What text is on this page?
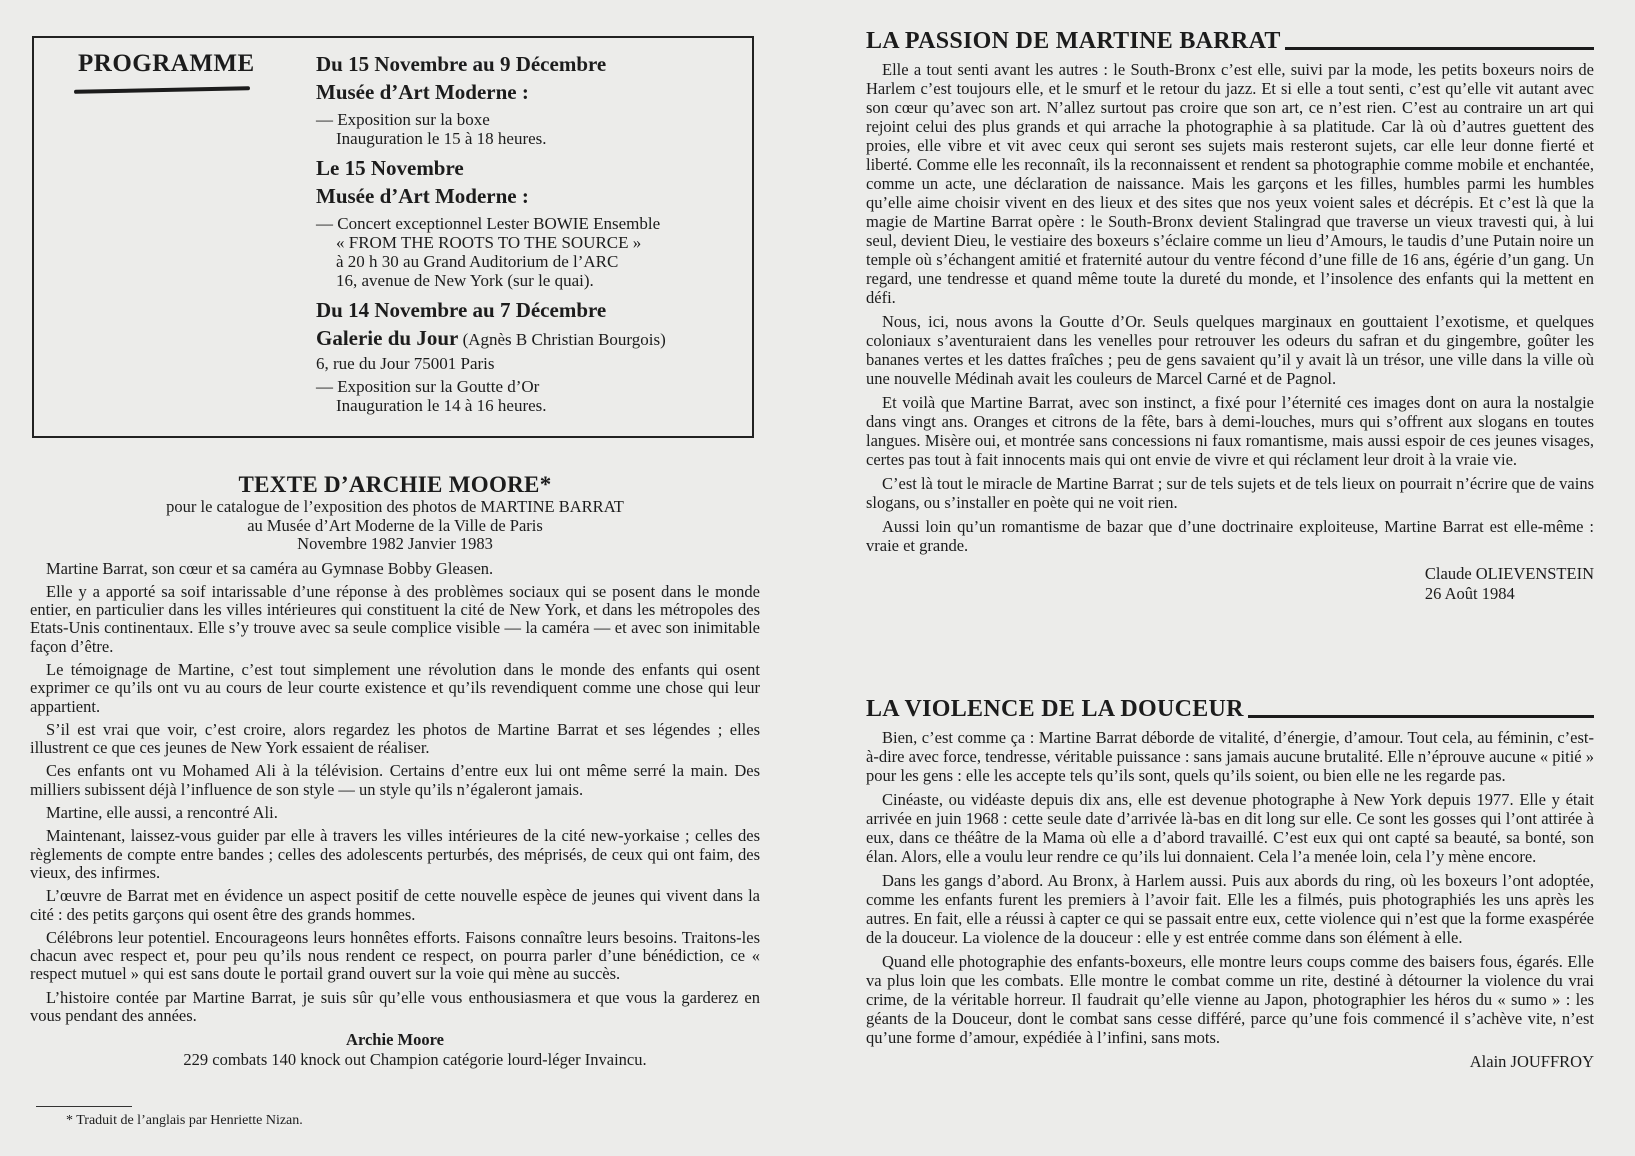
PROGRAMME	Du 15 Novembre au 9 Décembre
Musée d’Art Moderne :
— Exposition sur la boxe
Inauguration le 15 à 18 heures.
Le 15 Novembre
Musée d’Art Moderne :
— Concert exceptionnel Lester BOWIE Ensemble
« FROM THE ROOTS TO THE SOURCE »
à 20 h 30 au Grand Auditorium de l’ARC
16, avenue de New York (sur le quai).
Du 14 Novembre au 7 Décembre
Galerie du Jour (Agnès B Christian Bourgois)
6, rue du Jour 75001 Paris
— Exposition sur la Goutte d’Or
Inauguration le 14 à 16 heures.
TEXTE D’ARCHIE MOORE*
pour le catalogue de l’exposition des photos de MARTINE BARRAT
au Musée d’Art Moderne de la Ville de Paris
Novembre 1982 Janvier 1983

Martine Barrat, son cœur et sa caméra au Gymnase Bobby Gleasen.

Elle y a apporté sa soif intarissable d’une réponse à des problèmes sociaux qui se posent dans le monde entier, en particulier dans les villes intérieures qui constituent la cité de New York, et dans les métropoles des Etats-Unis continentaux. Elle s’y trouve avec sa seule complice visible — la caméra — et avec son inimitable façon d’être.

Le témoignage de Martine, c’est tout simplement une révolution dans le monde des enfants qui osent exprimer ce qu’ils ont vu au cours de leur courte existence et qu’ils revendiquent comme une chose qui leur appartient.

S’il est vrai que voir, c’est croire, alors regardez les photos de Martine Barrat et ses légendes ; elles illustrent ce que ces jeunes de New York essaient de réaliser.

Ces enfants ont vu Mohamed Ali à la télévision. Certains d’entre eux lui ont même serré la main. Des milliers subissent déjà l’influence de son style — un style qu’ils n’égaleront jamais.

Martine, elle aussi, a rencontré Ali.

Maintenant, laissez-vous guider par elle à travers les villes intérieures de la cité new-yorkaise ; celles des règlements de compte entre bandes ; celles des adolescents perturbés, des méprisés, de ceux qui ont faim, des vieux, des infirmes.

L’œuvre de Barrat met en évidence un aspect positif de cette nouvelle espèce de jeunes qui vivent dans la cité : des petits garçons qui osent être des grands hommes.

Célébrons leur potentiel. Encourageons leurs honnêtes efforts. Faisons connaître leurs besoins. Traitons-les chacun avec respect et, pour peu qu’ils nous rendent ce respect, on pourra parler d’une bénédiction, ce « respect mutuel » qui est sans doute le portail grand ouvert sur la voie qui mène au succès.

L’histoire contée par Martine Barrat, je suis sûr qu’elle vous enthousiasmera et que vous la garderez en vous pendant des années.

Archie Moore
229 combats 140 knock out Champion catégorie lourd-léger Invaincu.
* Traduit de l’anglais par Henriette Nizan.
LA PASSION DE MARTINE BARRAT

Elle a tout senti avant les autres : le South-Bronx c’est elle, suivi par la mode, les petits boxeurs noirs de Harlem c’est toujours elle, et le smurf et le retour du jazz. Et si elle a tout senti, c’est qu’elle vit autant avec son cœur qu’avec son art. N’allez surtout pas croire que son art, ce n’est rien. C’est au contraire un art qui rejoint celui des plus grands et qui arrache la photographie à sa platitude. Car là où d’autres guettent des proies, elle vibre et vit avec ceux qui seront ses sujets mais resteront sujets, car elle leur donne fierté et liberté. Comme elle les reconnaît, ils la reconnaissent et rendent sa photographie comme mobile et enchantée, comme un acte, une déclaration de naissance. Mais les garçons et les filles, humbles parmi les humbles qu’elle aime choisir vivent en des lieux et des sites que nos yeux voient sales et décrépis. Et c’est là que la magie de Martine Barrat opère : le South-Bronx devient Stalingrad que traverse un vieux travesti qui, à lui seul, devient Dieu, le vestiaire des boxeurs s’éclaire comme un lieu d’Amours, le taudis d’une Putain noire un temple où s’échangent amitié et fraternité autour du ventre fécond d’une fille de 16 ans, égérie d’un gang. Un regard, une tendresse et quand même toute la dureté du monde, et l’insolence des enfants qui la mettent en défi.

Nous, ici, nous avons la Goutte d’Or. Seuls quelques marginaux en gouttaient l’exotisme, et quelques coloniaux s’aventuraient dans les venelles pour retrouver les odeurs du safran et du gingembre, goûter les bananes vertes et les dattes fraîches ; peu de gens savaient qu’il y avait là un trésor, une ville dans la ville où une nouvelle Médinah avait les couleurs de Marcel Carné et de Pagnol.

Et voilà que Martine Barrat, avec son instinct, a fixé pour l’éternité ces images dont on aura la nostalgie dans vingt ans. Oranges et citrons de la fête, bars à demi-louches, murs qui s’offrent aux slogans en toutes langues. Misère oui, et montrée sans concessions ni faux romantisme, mais aussi espoir de ces jeunes visages, certes pas tout à fait innocents mais qui ont envie de vivre et qui réclament leur droit à la vraie vie.

C’est là tout le miracle de Martine Barrat ; sur de tels sujets et de tels lieux on pourrait n’écrire que de vains slogans, ou s’installer en poète qui ne voit rien.

Aussi loin qu’un romantisme de bazar que d’une doctrinaire exploiteuse, Martine Barrat est elle-même : vraie et grande.

Claude OLIEVENSTEIN
26 Août 1984
LA VIOLENCE DE LA DOUCEUR

Bien, c’est comme ça : Martine Barrat déborde de vitalité, d’énergie, d’amour. Tout cela, au féminin, c’est-à-dire avec force, tendresse, véritable puissance : sans jamais aucune brutalité. Elle n’éprouve aucune « pitié » pour les gens : elle les accepte tels qu’ils sont, quels qu’ils soient, ou bien elle ne les regarde pas.

Cinéaste, ou vidéaste depuis dix ans, elle est devenue photographe à New York depuis 1977. Elle y était arrivée en juin 1968 : cette seule date d’arrivée là-bas en dit long sur elle. Ce sont les gosses qui l’ont attirée à eux, dans ce théâtre de la Mama où elle a d’abord travaillé. C’est eux qui ont capté sa beauté, sa bonté, son élan. Alors, elle a voulu leur rendre ce qu’ils lui donnaient. Cela l’a menée loin, cela l’y mène encore.

Dans les gangs d’abord. Au Bronx, à Harlem aussi. Puis aux abords du ring, où les boxeurs l’ont adoptée, comme les enfants furent les premiers à l’avoir fait. Elle les a filmés, puis photographiés les uns après les autres. En fait, elle a réussi à capter ce qui se passait entre eux, cette violence qui n’est que la forme exaspérée de la douceur. La violence de la douceur : elle y est entrée comme dans son élément à elle.

Quand elle photographie des enfants-boxeurs, elle montre leurs coups comme des baisers fous, égarés. Elle va plus loin que les combats. Elle montre le combat comme un rite, destiné à détourner la violence du vrai crime, de la véritable horreur. Il faudrait qu’elle vienne au Japon, photographier les héros du « sumo » : les géants de la Douceur, dont le combat sans cesse différé, parce qu’une fois commencé il s’achève vite, n’est qu’une forme d’amour, expédiée à l’infini, sans mots.

Alain JOUFFROY
